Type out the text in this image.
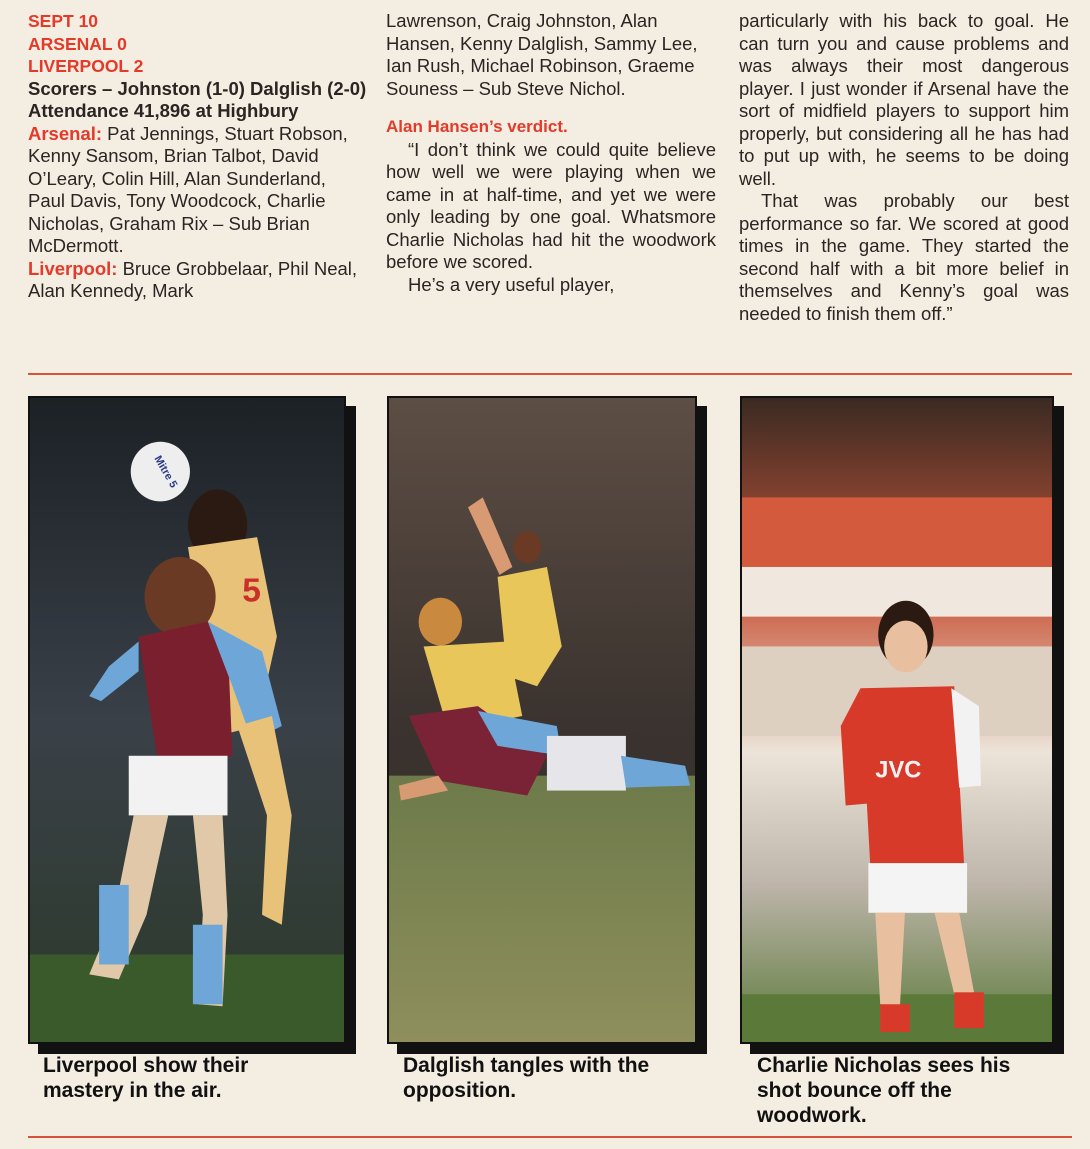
SEPT 10
ARSENAL 0
LIVERPOOL 2

Scorers – Johnston (1-0) Dalglish (2-0)

Attendance 41,896 at Highbury

Arsenal: Pat Jennings, Stuart Robson, Kenny Sansom, Brian Talbot, David O’Leary, Colin Hill, Alan Sunderland, Paul Davis, Tony Woodcock, Charlie Nicholas, Graham Rix – Sub Brian McDermott.

Liverpool: Bruce Grobbelaar, Phil Neal, Alan Kennedy, Mark

Lawrenson, Craig Johnston, Alan Hansen, Kenny Dalglish, Sammy Lee, Ian Rush, Michael Robinson, Graeme Souness – Sub Steve Nichol.

Alan Hansen’s verdict.

“I don’t think we could quite believe how well we were playing when we came in at half-time, and yet we were only leading by one goal. Whatsmore Charlie Nicholas had hit the woodwork before we scored.

He’s a very useful player,

particularly with his back to goal. He can turn you and cause problems and was always their most dangerous player. I just wonder if Arsenal have the sort of midfield players to support him properly, but considering all he has had to put up with, he seems to be doing well.

That was probably our best performance so far. We scored at good times in the game. They started the second half with a bit more belief in themselves and Kenny’s goal was needed to finish them off.”

Mitre 5
5
JVC
Liverpool show their mastery in the air.
Dalglish tangles with the opposition.
Charlie Nicholas sees his shot bounce off the woodwork.
